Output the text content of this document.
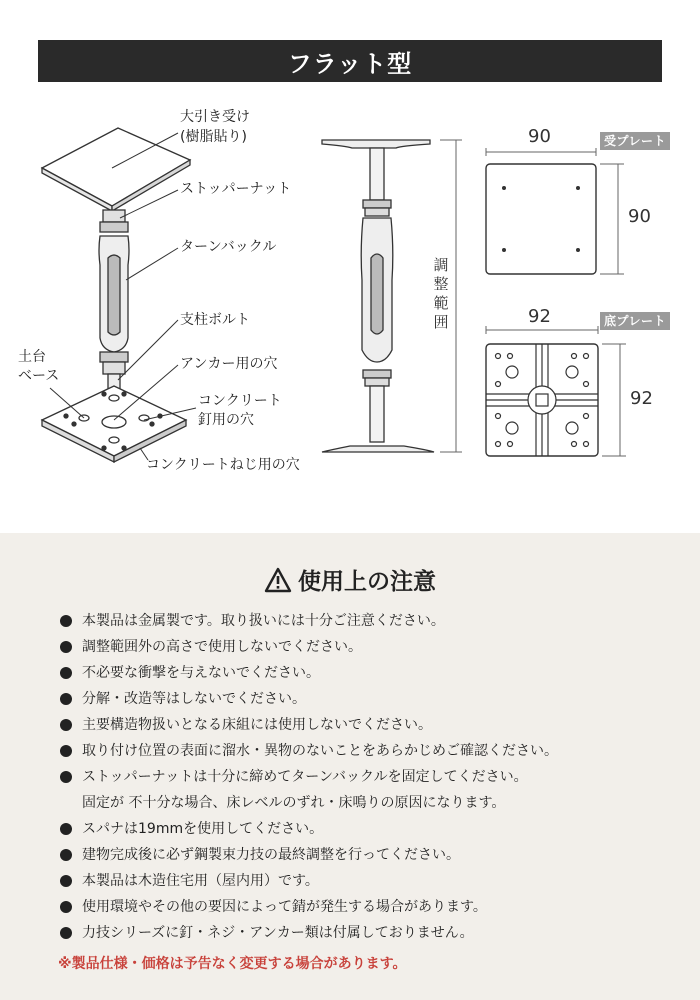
フラット型
大引き受け
(樹脂貼り)
ストッパーナット
ターンバックル
支柱ボルト
アンカー用の穴
土台
ベース
コンクリート
釘用の穴
コンクリートねじ用の穴
調
整
範
囲
90
90
受プレート
92
92
底プレート
使用上の注意
本製品は金属製です。取り扱いには十分ご注意ください。
調整範囲外の高さで使用しないでください。
不必要な衝撃を与えないでください。
分解・改造等はしないでください。
主要構造物扱いとなる床組には使用しないでください。
取り付け位置の表面に溜水・異物のないことをあらかじめご確認ください。
ストッパーナットは十分に締めてターンバックルを固定してください。
固定が 不十分な場合、床レベルのずれ・床鳴りの原因になります。
スパナは19mmを使用してください。
建物完成後に必ず鋼製束力技の最終調整を行ってください。
本製品は木造住宅用（屋内用）です。
使用環境やその他の要因によって錆が発生する場合があります。
力技シリーズに釘・ネジ・アンカー類は付属しておりません。
※製品仕様・価格は予告なく変更する場合があります。
